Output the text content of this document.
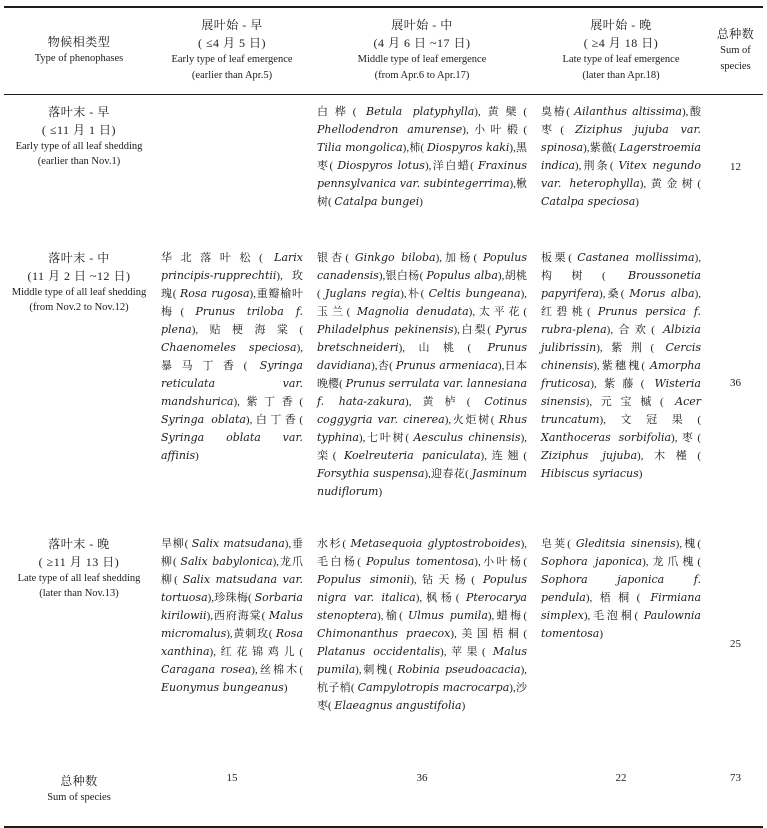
物候相类型
Type of phenophases	展叶始 - 早
( ≤4 月 5 日)
Early type of leaf emergence
(earlier than Apr.5)	展叶始 - 中
(4 月 6 日 ~17 日)
Middle type of leaf emergence
(from Apr.6 to Apr.17)	展叶始 - 晚
( ≥4 月 18 日)
Late type of leaf emergence
(later than Apr.18)	总种数
Sum of species

落叶末 - 早
( ≤11 月 1 日)
Early type of all leaf shedding
(earlier than Nov.1)		白桦( Betula platyphylla),黄檗( Phellodendron amurense),小叶椴( Tilia mongolica),柿( Diospyros kaki),黑枣( Diospyros lotus),洋白蜡( Fraxinus pennsylvanica var. subintegerrima),楸树( Catalpa bungei)	臭椿( Ailanthus altissima),酸枣( Ziziphus jujuba var. spinosa),紫薇( Lagerstroemia indica),荆条( Vitex negundo var. heterophylla),黄金树( Catalpa speciosa)	12

落叶末 - 中
(11 月 2 日 ~12 日)
Middle type of all leaf shedding
(from Nov.2 to Nov.12)
	华北落叶松( Larix principis-rupprechtii),玫瑰( Rosa rugosa),重瓣榆叶梅( Prunus triloba f. plena),贴梗海棠( Chaenomeles speciosa),暴马丁香( Syringa reticulata var. mandshurica),紫丁香( Syringa oblata),白丁香( Syringa oblata var. affinis)	银杏( Ginkgo biloba),加杨( Populus canadensis),银白杨( Populus alba),胡桃( Juglans regia),朴( Celtis bungeana),玉兰( Magnolia denudata),太平花( Philadelphus pekinensis),白梨( Pyrus bretschneideri),山桃( Prunus davidiana),杏( Prunus armeniaca),日本晚樱( Prunus serrulata var. lannesiana f. hata-zakura),黄栌( Cotinus coggygria var. cinerea),火炬树( Rhus typhina),七叶树( Aesculus chinensis),栾( Koelreuteria paniculata),连翘( Forsythia suspensa),迎春花( Jasminum nudiflorum)	板栗( Castanea mollissima),构树( Broussonetia papyrifera),桑( Morus alba),红碧桃( Prunus persica f. rubra-plena),合欢( Albizia julibrissin),紫荆( Cercis chinensis),紫穗槐( Amorpha fruticosa),紫藤( Wisteria sinensis),元宝槭( Acer truncatum),文冠果( Xanthoceras sorbifolia),枣( Ziziphus jujuba),木槿( Hibiscus syriacus)	36

落叶末 - 晚
( ≥11 月 13 日)
Late type of all leaf shedding
(later than Nov.13)
	旱柳( Salix matsudana),垂柳( Salix babylonica),龙爪柳( Salix matsudana var. tortuosa),珍珠梅( Sorbaria kirilowii),西府海棠( Malus micromalus),黄刺玫( Rosa xanthina),红花锦鸡儿( Caragana rosea),丝棉木( Euonymus bungeanus)	水杉( Metasequoia glyptostroboides),毛白杨( Populus tomentosa),小叶杨( Populus simonii),钻天杨( Populus nigra var. italica),枫杨( Pterocarya stenoptera),榆( Ulmus pumila),蜡梅( Chimonanthus praecox),美国梧桐( Platanus occidentalis),苹果( Malus pumila),刺槐( Robinia pseudoacacia),杭子梢( Campylotropis macrocarpa),沙枣( Elaeagnus angustifolia)	皂荚( Gleditsia sinensis),槐( Sophora japonica),龙爪槐( Sophora japonica f. pendula),梧桐( Firmiana simplex),毛泡桐( Paulownia tomentosa)	25

总种数
Sum of species	15	36	22	73
